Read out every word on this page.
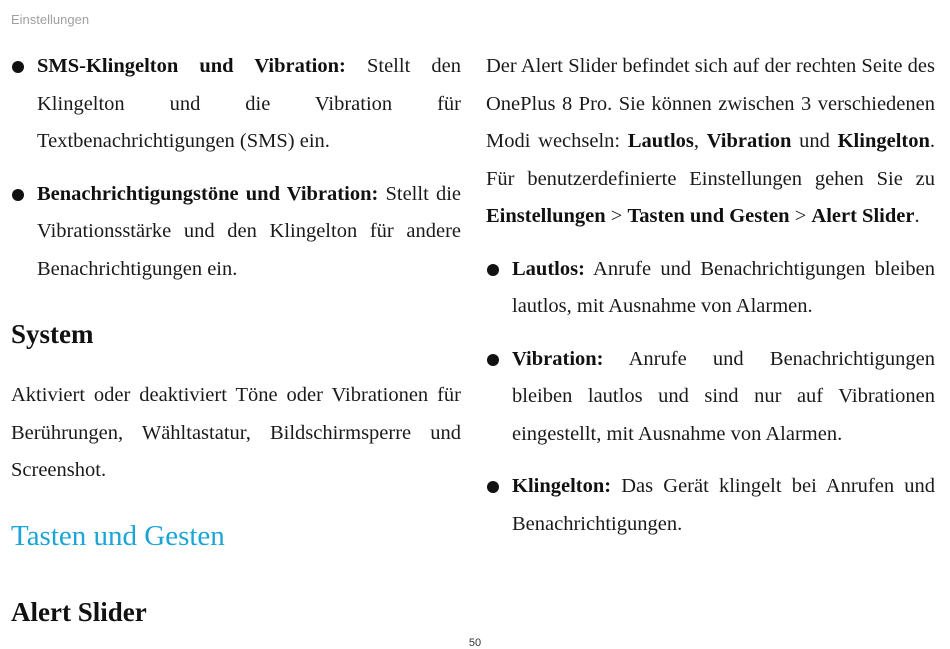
Einstellungen
SMS-Klingelton und Vibration: Stellt den Klingelton und die Vibration für Textbenachrichtigungen (SMS) ein.
Benachrichtigungstöne und Vibration: Stellt die Vibrationsstärke und den Klingelton für andere Benachrichtigungen ein.
System
Aktiviert oder deaktiviert Töne oder Vibrationen für Berührungen, Wähltastatur, Bildschirmsperre und Screenshot.
Tasten und Gesten
Alert Slider
Der Alert Slider befindet sich auf der rechten Seite des OnePlus 8 Pro. Sie können zwischen 3 verschiedenen Modi wechseln: Lautlos, Vibration und Klingelton. Für benutzerdefinierte Einstellungen gehen Sie zu Einstellungen > Tasten und Gesten > Alert Slider.
Lautlos: Anrufe und Benachrichtigungen bleiben lautlos, mit Ausnahme von Alarmen.
Vibration: Anrufe und Benachrichtigungen bleiben lautlos und sind nur auf Vibrationen eingestellt, mit Ausnahme von Alarmen.
Klingelton: Das Gerät klingelt bei Anrufen und Benachrichtigungen.
50
